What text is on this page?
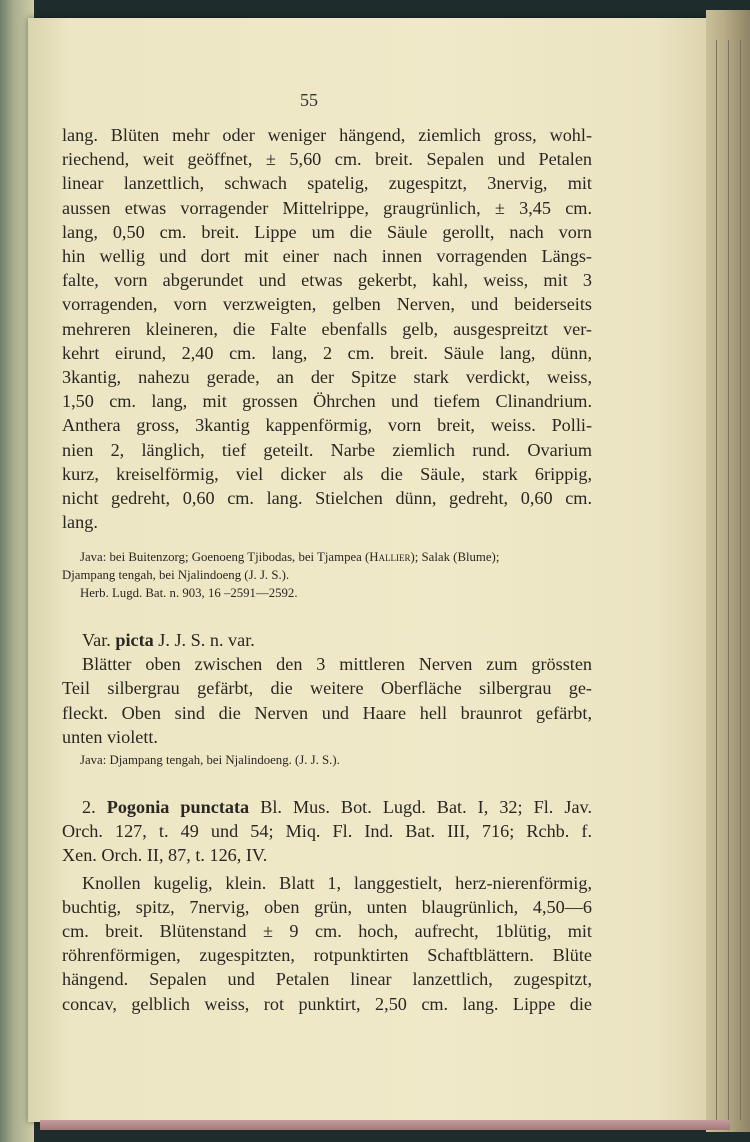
55
lang. Blüten mehr oder weniger hängend, ziemlich gross, wohl-
riechend, weit geöffnet, ± 5,60 cm. breit. Sepalen und Petalen
linear lanzettlich, schwach spatelig, zugespitzt, 3nervig, mit
aussen etwas vorragender Mittelrippe, graugrünlich, ± 3,45 cm.
lang, 0,50 cm. breit. Lippe um die Säule gerollt, nach vorn
hin wellig und dort mit einer nach innen vorragenden Längs-
falte, vorn abgerundet und etwas gekerbt, kahl, weiss, mit 3
vorragenden, vorn verzweigten, gelben Nerven, und beiderseits
mehreren kleineren, die Falte ebenfalls gelb, ausgespreitzt ver-
kehrt eirund, 2,40 cm. lang, 2 cm. breit. Säule lang, dünn,
3kantig, nahezu gerade, an der Spitze stark verdickt, weiss,
1,50 cm. lang, mit grossen Öhrchen und tiefem Clinandrium.
Anthera gross, 3kantig kappenförmig, vorn breit, weiss. Polli-
nien 2, länglich, tief geteilt. Narbe ziemlich rund. Ovarium
kurz, kreiselförmig, viel dicker als die Säule, stark 6rippig,
nicht gedreht, 0,60 cm. lang. Stielchen dünn, gedreht, 0,60 cm.
lang.
Java: bei Buitenzorg; Goenoeng Tjibodas, bei Tjampea (Hallier); Salak (Blume);
Djampang tengah, bei Njalindoeng (J. J. S.).
Herb. Lugd. Bat. n. 903, 16 –2591—2592.
Var. picta J. J. S. n. var.
Blätter oben zwischen den 3 mittleren Nerven zum grössten
Teil silbergrau gefärbt, die weitere Oberfläche silbergrau ge-
fleckt. Oben sind die Nerven und Haare hell braunrot gefärbt,
unten violett.
Java: Djampang tengah, bei Njalindoeng. (J. J. S.).
2. Pogonia punctata Bl. Mus. Bot. Lugd. Bat. I, 32; Fl. Jav.
Orch. 127, t. 49 und 54; Miq. Fl. Ind. Bat. III, 716; Rchb. f.
Xen. Orch. II, 87, t. 126, IV.
Knollen kugelig, klein. Blatt 1, langgestielt, herz-nierenförmig,
buchtig, spitz, 7nervig, oben grün, unten blaugrünlich, 4,50—6
cm. breit. Blütenstand ± 9 cm. hoch, aufrecht, 1blütig, mit
röhrenförmigen, zugespitzten, rotpunktirten Schaftblättern. Blüte
hängend. Sepalen und Petalen linear lanzettlich, zugespitzt,
concav, gelblich weiss, rot punktirt, 2,50 cm. lang. Lippe die
